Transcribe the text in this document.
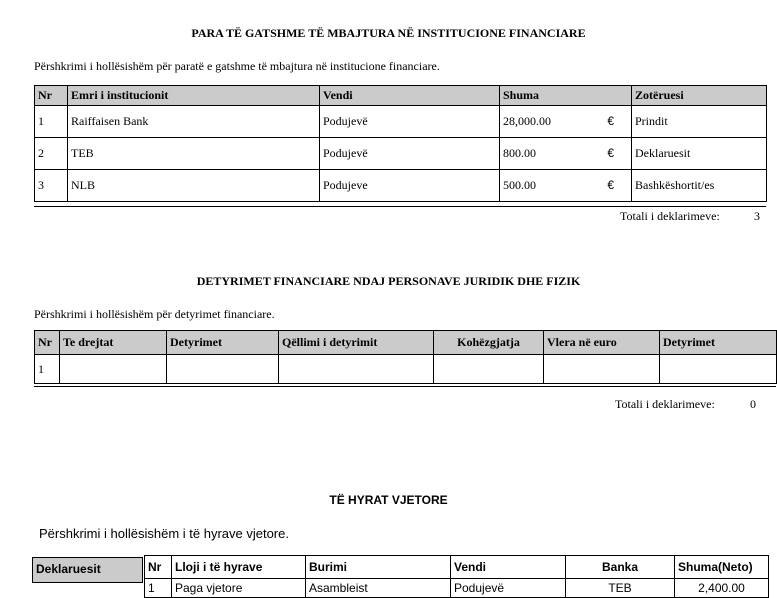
PARA TË GATSHME TË MBAJTURA NË INSTITUCIONE FINANCIARE
Përshkrimi i hollësishëm për paratë e gatshme të mbajtura në institucione financiare.
Nr	Emri i institucionit	Vendi	Shuma	Zotëruesi
1	Raiffaisen Bank	Podujevë	28,000.00 €	Prindit
2	TEB	Podujevë	800.00 €	Deklaruesit
3	NLB	Podujeve	500.00 €	Bashkëshortit/es
Totali i deklarimeve:	3
DETYRIMET FINANCIARE NDAJ PERSONAVE JURIDIK DHE FIZIK
Përshkrimi i hollësishëm për detyrimet financiare.
Nr	Te drejtat	Detyrimet	Qëllimi i detyrimit	Kohëzgjatja	Vlera në euro	Detyrimet
1						
Totali i deklarimeve:	0
TË HYRAT VJETORE
Përshkrimi i hollësishëm i të hyrave vjetore.
Deklaruesit	Nr	Lloji i të hyrave	Burimi	Vendi	Banka	Shuma(Neto)
1	Paga vjetore	Asambleist	Podujevë	TEB	2,400.00
